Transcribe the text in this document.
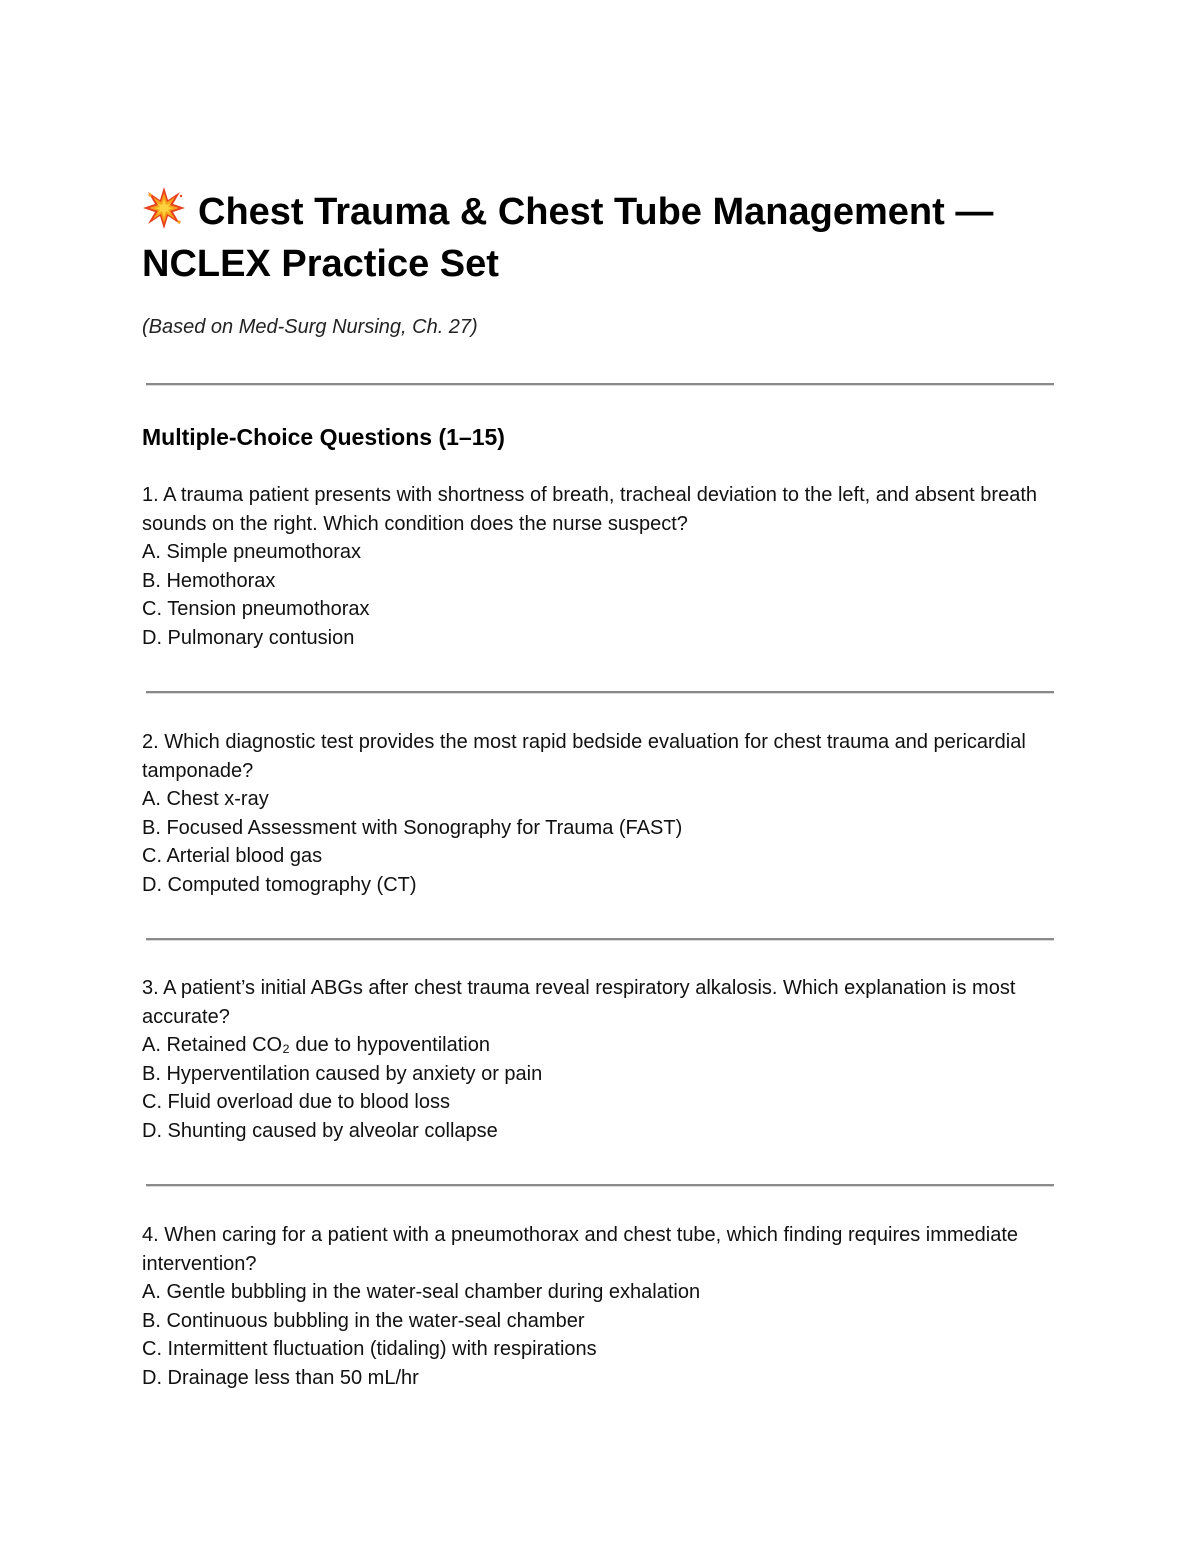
Chest Trauma & Chest Tube Management — NCLEX Practice Set

(Based on Med-Surg Nursing, Ch. 27)

Multiple-Choice Questions (1–15)

1. A trauma patient presents with shortness of breath, tracheal deviation to the left, and absent breath sounds on the right. Which condition does the nurse suspect?

A. Simple pneumothorax
B. Hemothorax
C. Tension pneumothorax
D. Pulmonary contusion

2. Which diagnostic test provides the most rapid bedside evaluation for chest trauma and pericardial tamponade?

A. Chest x-ray
B. Focused Assessment with Sonography for Trauma (FAST)
C. Arterial blood gas
D. Computed tomography (CT)

3. A patient’s initial ABGs after chest trauma reveal respiratory alkalosis. Which explanation is most accurate?

A. Retained CO₂ due to hypoventilation
B. Hyperventilation caused by anxiety or pain
C. Fluid overload due to blood loss
D. Shunting caused by alveolar collapse

4. When caring for a patient with a pneumothorax and chest tube, which finding requires immediate intervention?

A. Gentle bubbling in the water-seal chamber during exhalation
B. Continuous bubbling in the water-seal chamber
C. Intermittent fluctuation (tidaling) with respirations
D. Drainage less than 50 mL/hr
